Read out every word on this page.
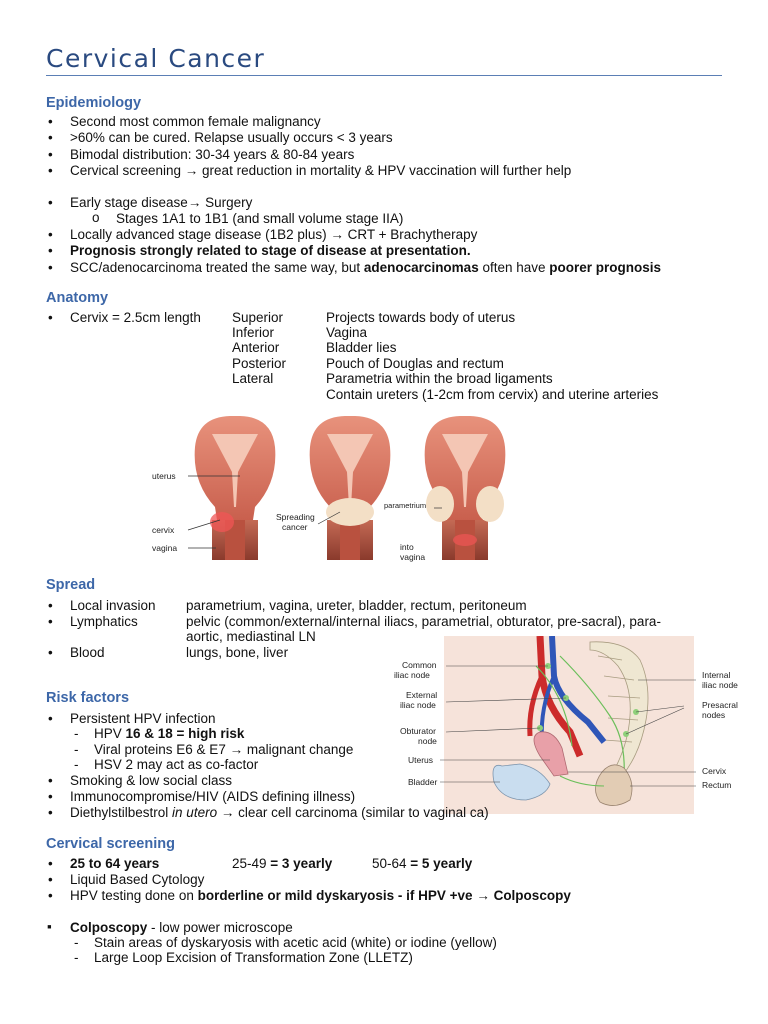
Cervical Cancer
Epidemiology
• Second most common female malignancy
• >60% can be cured. Relapse usually occurs < 3 years
• Bimodal distribution: 30-34 years & 80-84 years
• Cervical screening → great reduction in mortality & HPV vaccination will further help
• Early stage disease→ Surgery
o Stages 1A1 to 1B1 (and small volume stage IIA)
• Locally advanced stage disease (1B2 plus) → CRT + Brachytherapy
• Prognosis strongly related to stage of disease at presentation.
• SCC/adenocarcinoma treated the same way, but adenocarcinomas often have poorer prognosis
Anatomy
• Cervix = 2.5cm length Superior	Projects towards body of uterus
Inferior	Vagina
Anterior	Bladder lies
Posterior	Pouch of Douglas and rectum
Lateral	Parametria within the broad ligaments
Contain ureters (1-2cm from cervix) and uterine arteries
uterus
cervix
vagina
Spreading
cancer
parametrium
into
vagina
Spread
• Local invasion parametrium, vagina, ureter, bladder, rectum, peritoneum
• Lymphatics	pelvic (common/external/internal iliacs, parametrial, obturator, pre-sacral), para-
aortic, mediastinal LN
• Blood	lungs, bone, liver
Common
iliac node
External
iliac node
Obturator
node
Uterus
Bladder
Internal
iliac node
Presacral
nodes
Cervix
Rectum
Risk factors
• Persistent HPV infection
- HPV 16 & 18 = high risk
- Viral proteins E6 & E7 → malignant change
- HSV 2 may act as co-factor
• Smoking & low social class
• Immunocompromise/HIV (AIDS defining illness)
• Diethylstilbestrol in utero → clear cell carcinoma (similar to vaginal ca)
Cervical screening
• 25 to 64 years	25-49 = 3 yearly	50-64 = 5 yearly
• Liquid Based Cytology
• HPV testing done on borderline or mild dyskaryosis - if HPV +ve → Colposcopy
▪ Colposcopy - low power microscope
- Stain areas of dyskaryosis with acetic acid (white) or iodine (yellow)
- Large Loop Excision of Transformation Zone (LLETZ)
